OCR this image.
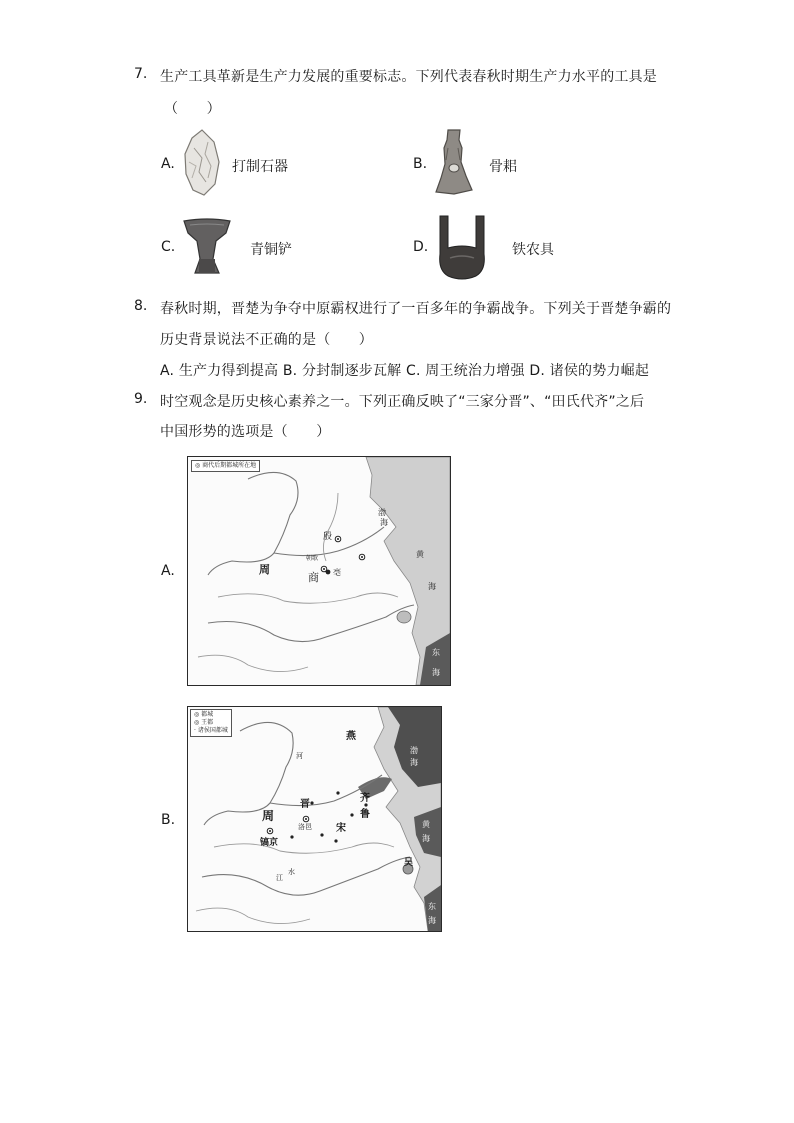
7. 生产工具革新是生产力发展的重要标志。下列代表春秋时期生产力水平的工具是
（　　）
A.	打制石器	B.	骨耜
C.	青铜铲	D.	铁农具
8. 春秋时期，晋楚为争夺中原霸权进行了一百多年的争霸战争。下列关于晋楚争霸的
历史背景说法不正确的是（　　）
A. 生产力得到提高 B. 分封制逐步瓦解 C. 周王统治力增强 D. 诸侯的势力崛起
9. 时空观念是历史核心素养之一。下列正确反映了“三家分晋”、“田氏代齐”之后
中国形势的选项是（　　）
A.
◎ 商代后期都城所在地
殷
朝歌
周
商 亳
渤
海
黄
海
东
海
B.
◎ 都城
◎ 王都
· 诸侯国都城
燕
齐
鲁
晋
周
宋
洛邑
镐京
吴
渤
海
黄
海
东
海
河
水
江
